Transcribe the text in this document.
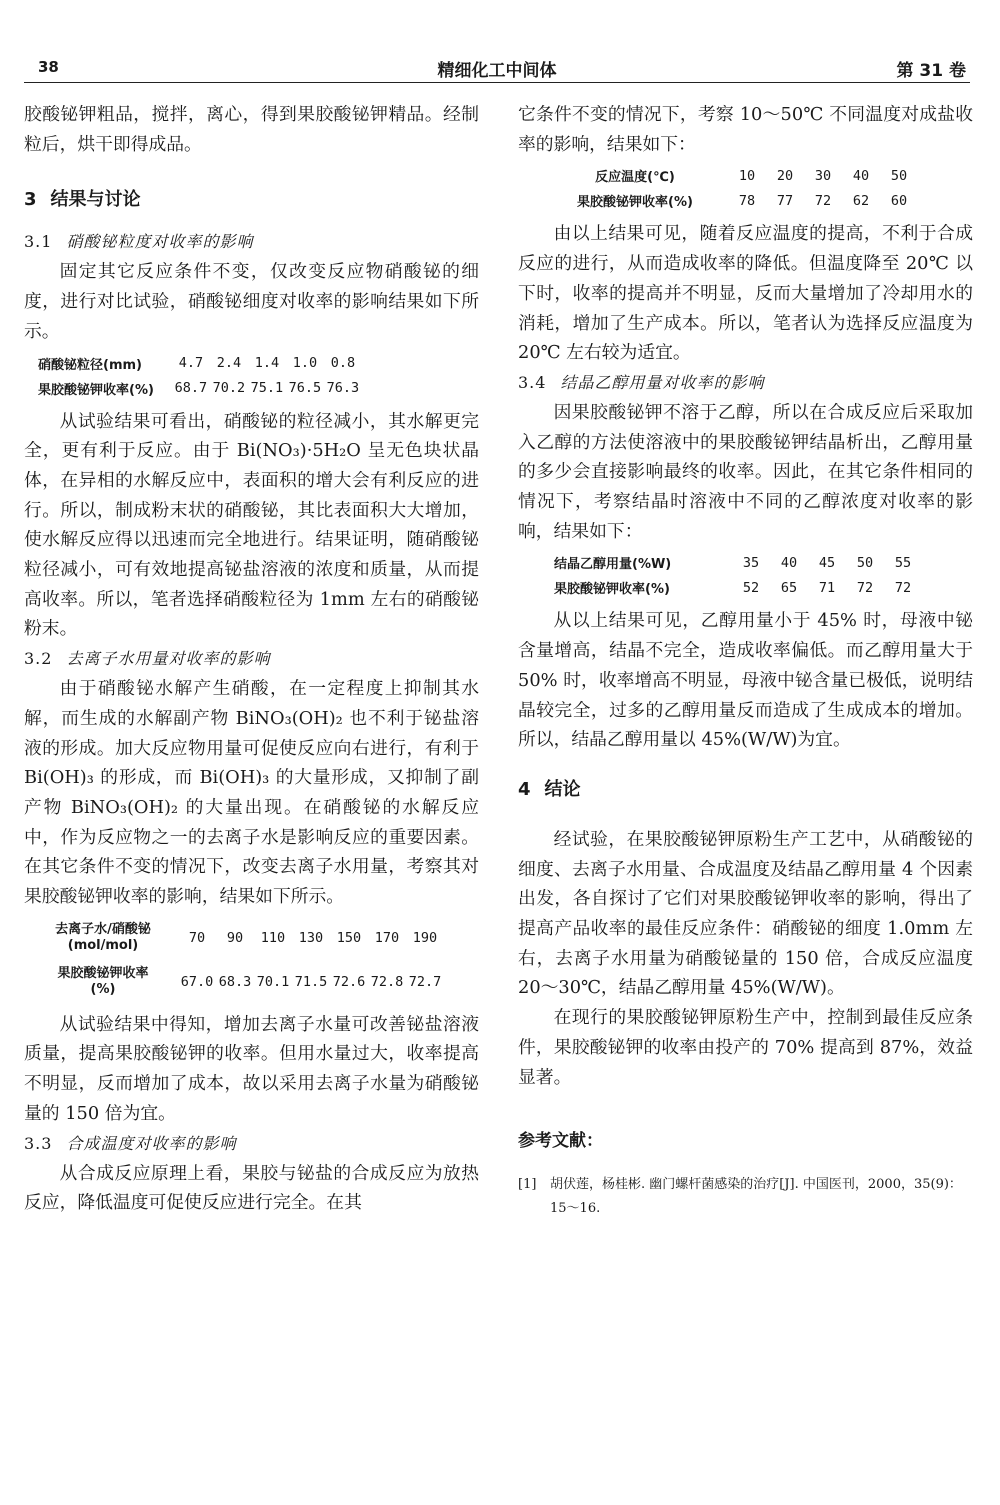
38	精细化工中间体	第 31 卷

胶酸铋钾粗品，搅拌，离心，得到果胶酸铋钾精品。经制粒后，烘干即得成品。

3 结果与讨论
3.1 硝酸铋粒度对收率的影响

固定其它反应条件不变，仅改变反应物硝酸铋的细度，进行对比试验，硝酸铋细度对收率的影响结果如下所示。

硝酸铋粒径(mm)	4.7	2.4	1.4	1.0	0.8
果胶酸铋钾收率(%)	68.7	70.2	75.1	76.5	76.3

从试验结果可看出，硝酸铋的粒径减小，其水解更完全，更有利于反应。由于 Bi(NO₃)·5H₂O 呈无色块状晶体，在异相的水解反应中，表面积的增大会有利反应的进行。所以，制成粉末状的硝酸铋，其比表面积大大增加，使水解反应得以迅速而完全地进行。结果证明，随硝酸铋粒径减小，可有效地提高铋盐溶液的浓度和质量，从而提高收率。所以，笔者选择硝酸粒径为 1mm 左右的硝酸铋粉末。

3.2 去离子水用量对收率的影响

由于硝酸铋水解产生硝酸，在一定程度上抑制其水解，而生成的水解副产物 BiNO₃(OH)₂ 也不利于铋盐溶液的形成。加大反应物用量可促使反应向右进行，有利于 Bi(OH)₃ 的形成，而 Bi(OH)₃ 的大量形成，又抑制了副产物 BiNO₃(OH)₂ 的大量出现。在硝酸铋的水解反应中，作为反应物之一的去离子水是影响反应的重要因素。在其它条件不变的情况下，改变去离子水用量，考察其对果胶酸铋钾收率的影响，结果如下所示。

去离子水/硝酸铋
(mol/mol)	70	90	110	130	150	170	190
果胶酸铋钾收率
(%)	67.0	68.3	70.1	71.5	72.6	72.8	72.7

从试验结果中得知，增加去离子水量可改善铋盐溶液质量，提高果胶酸铋钾的收率。但用水量过大，收率提高不明显，反而增加了成本，故以采用去离子水量为硝酸铋量的 150 倍为宜。

3.3 合成温度对收率的影响

从合成反应原理上看，果胶与铋盐的合成反应为放热反应，降低温度可促使反应进行完全。在其

它条件不变的情况下，考察 10～50℃ 不同温度对成盐收率的影响，结果如下：

反应温度(℃)	10	20	30	40	50
果胶酸铋钾收率(%)	78	77	72	62	60

由以上结果可见，随着反应温度的提高，不利于合成反应的进行，从而造成收率的降低。但温度降至 20℃ 以下时，收率的提高并不明显，反而大量增加了冷却用水的消耗，增加了生产成本。所以，笔者认为选择反应温度为 20℃ 左右较为适宜。

3.4 结晶乙醇用量对收率的影响

因果胶酸铋钾不溶于乙醇，所以在合成反应后采取加入乙醇的方法使溶液中的果胶酸铋钾结晶析出，乙醇用量的多少会直接影响最终的收率。因此，在其它条件相同的情况下，考察结晶时溶液中不同的乙醇浓度对收率的影响，结果如下：

结晶乙醇用量(%W)	35	40	45	50	55
果胶酸铋钾收率(%)	52	65	71	72	72

从以上结果可见，乙醇用量小于 45% 时，母液中铋含量增高，结晶不完全，造成收率偏低。而乙醇用量大于 50% 时，收率增高不明显，母液中铋含量已极低，说明结晶较完全，过多的乙醇用量反而造成了生成成本的增加。所以，结晶乙醇用量以 45%(W/W)为宜。

4 结论

经试验，在果胶酸铋钾原粉生产工艺中，从硝酸铋的细度、去离子水用量、合成温度及结晶乙醇用量 4 个因素出发，各自探讨了它们对果胶酸铋钾收率的影响，得出了提高产品收率的最佳反应条件：硝酸铋的细度 1.0mm 左右，去离子水用量为硝酸铋量的 150 倍，合成反应温度 20～30℃，结晶乙醇用量 45%(W/W)。

在现行的果胶酸铋钾原粉生产中，控制到最佳反应条件，果胶酸铋钾的收率由投产的 70% 提高到 87%，效益显著。

参考文献：
[1]	胡伏莲，杨桂彬. 幽门螺杆菌感染的治疗[J]. 中国医刊，2000，35(9)：15～16.
